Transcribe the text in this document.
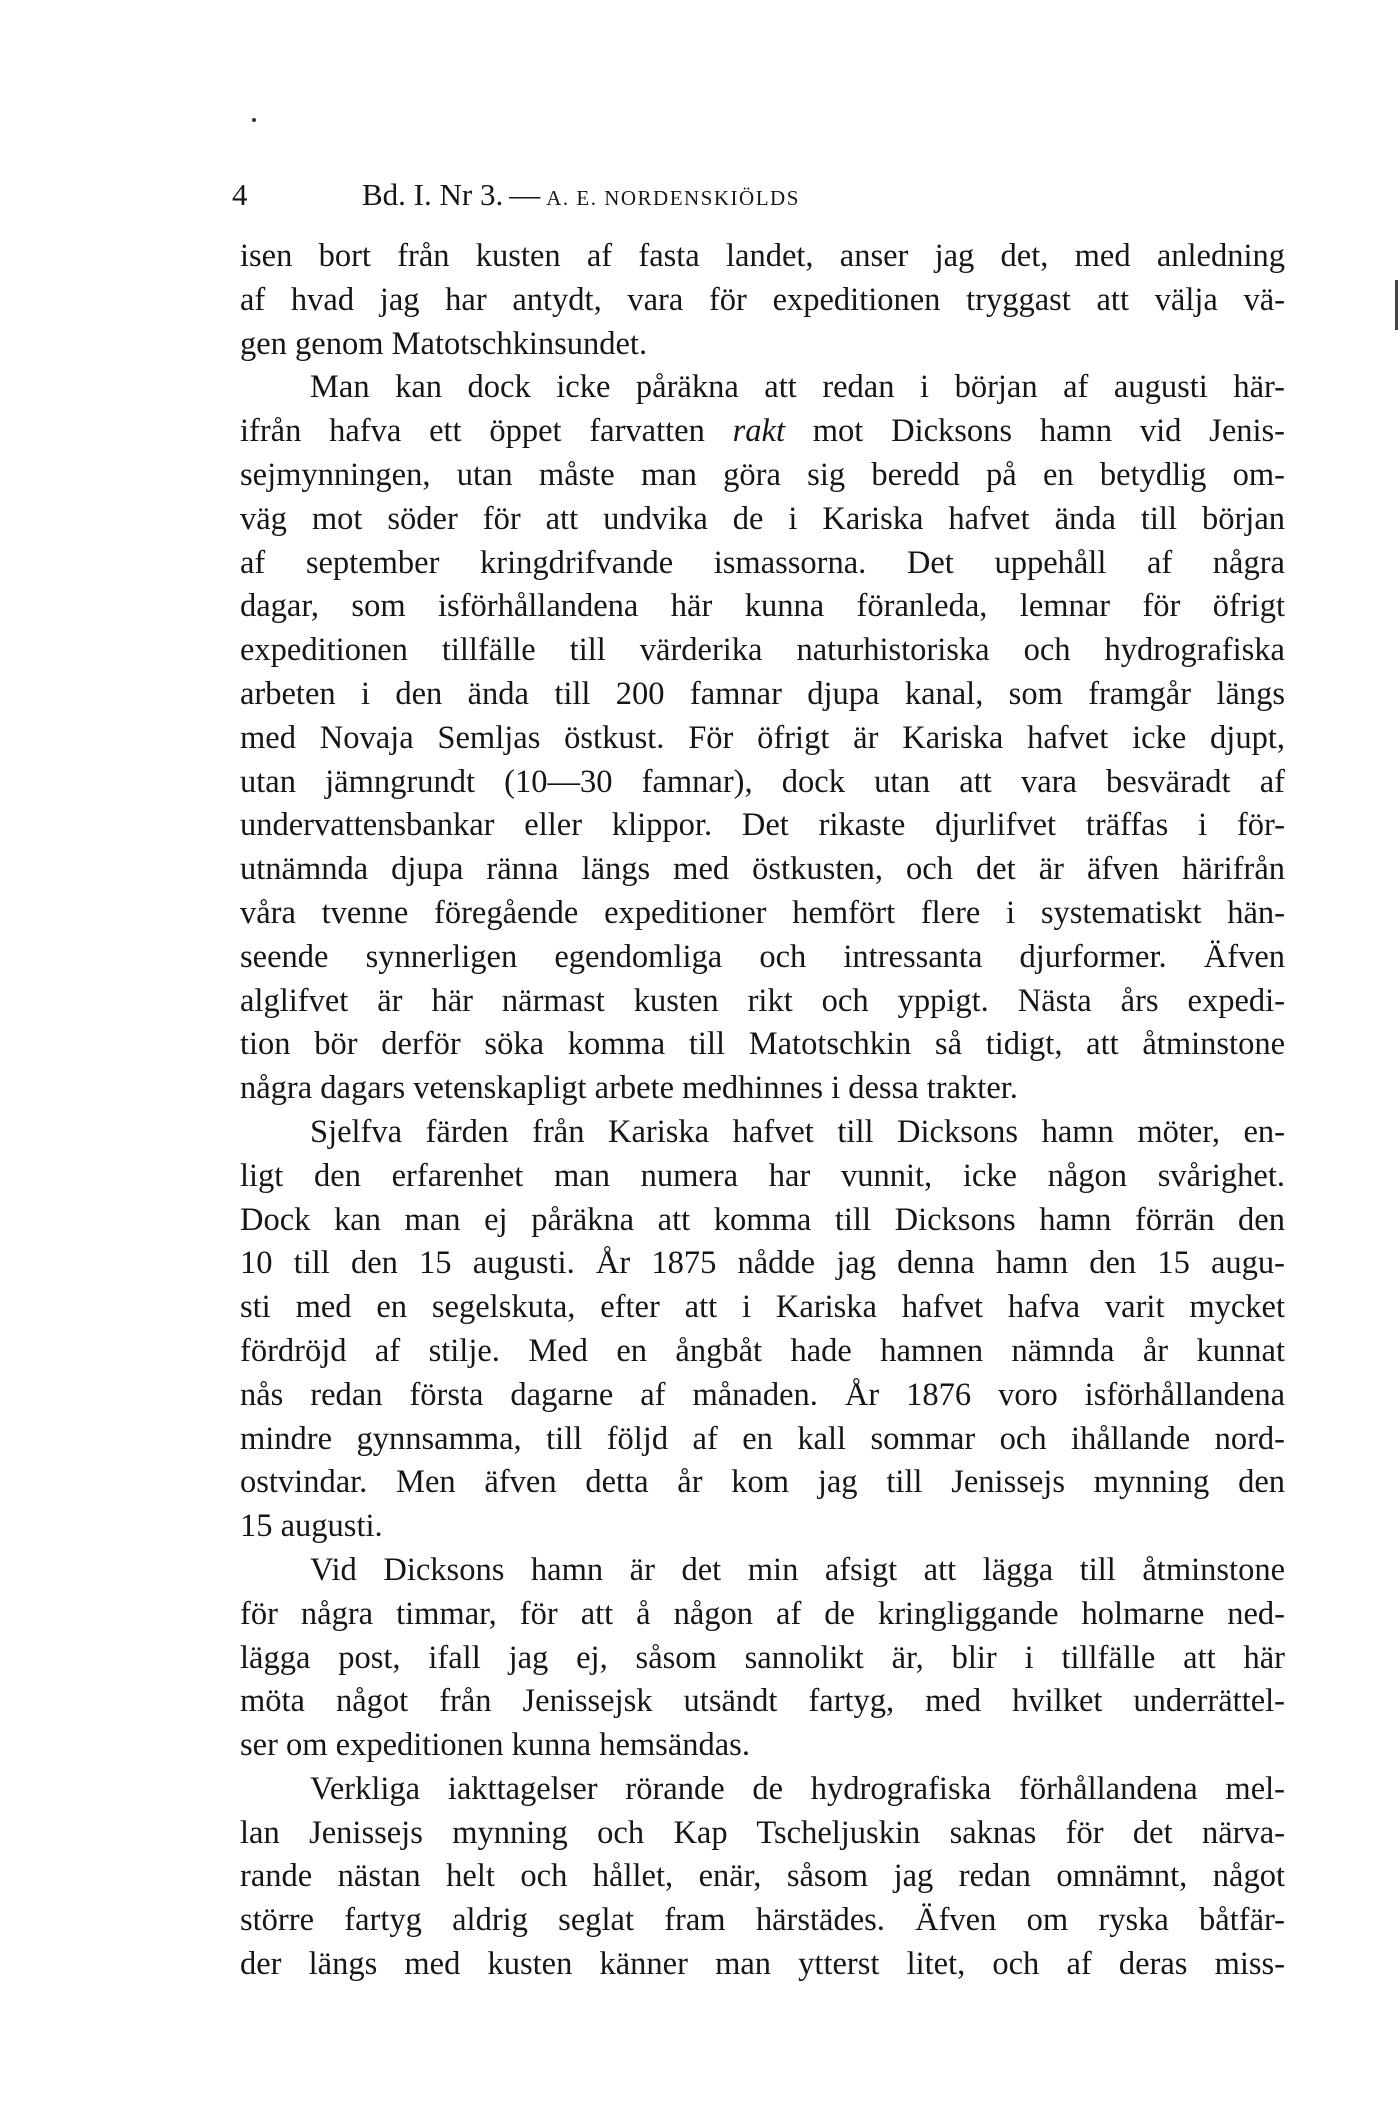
4	Bd. I. Nr 3. — A. E. NORDENSKIÖLDS
isen bort från kusten af fasta landet, anser jag det, med anledning
af hvad jag har antydt, vara för expeditionen tryggast att välja vä-
gen genom Matotschkinsundet.
Man kan dock icke påräkna att redan i början af augusti här-
ifrån hafva ett öppet farvatten rakt mot Dicksons hamn vid Jenis-
sejmynningen, utan måste man göra sig beredd på en betydlig om-
väg mot söder för att undvika de i Kariska hafvet ända till början
af september kringdrifvande ismassorna. Det uppehåll af några
dagar, som isförhållandena här kunna föranleda, lemnar för öfrigt
expeditionen tillfälle till värderika naturhistoriska och hydrografiska
arbeten i den ända till 200 famnar djupa kanal, som framgår längs
med Novaja Semljas östkust. För öfrigt är Kariska hafvet icke djupt,
utan jämngrundt (10—30 famnar), dock utan att vara besväradt af
undervattensbankar eller klippor. Det rikaste djurlifvet träffas i för-
utnämnda djupa ränna längs med östkusten, och det är äfven härifrån
våra tvenne föregående expeditioner hemfört flere i systematiskt hän-
seende synnerligen egendomliga och intressanta djurformer. Äfven
alglifvet är här närmast kusten rikt och yppigt. Nästa års expedi-
tion bör derför söka komma till Matotschkin så tidigt, att åtminstone
några dagars vetenskapligt arbete medhinnes i dessa trakter.
Sjelfva färden från Kariska hafvet till Dicksons hamn möter, en-
ligt den erfarenhet man numera har vunnit, icke någon svårighet.
Dock kan man ej påräkna att komma till Dicksons hamn förrän den
10 till den 15 augusti. År 1875 nådde jag denna hamn den 15 augu-
sti med en segelskuta, efter att i Kariska hafvet hafva varit mycket
fördröjd af stilje. Med en ångbåt hade hamnen nämnda år kunnat
nås redan första dagarne af månaden. År 1876 voro isförhållandena
mindre gynnsamma, till följd af en kall sommar och ihållande nord-
ostvindar. Men äfven detta år kom jag till Jenissejs mynning den
15 augusti.
Vid Dicksons hamn är det min afsigt att lägga till åtminstone
för några timmar, för att å någon af de kringliggande holmarne ned-
lägga post, ifall jag ej, såsom sannolikt är, blir i tillfälle att här
möta något från Jenissejsk utsändt fartyg, med hvilket underrättel-
ser om expeditionen kunna hemsändas.
Verkliga iakttagelser rörande de hydrografiska förhållandena mel-
lan Jenissejs mynning och Kap Tscheljuskin saknas för det närva-
rande nästan helt och hållet, enär, såsom jag redan omnämnt, något
större fartyg aldrig seglat fram härstädes. Äfven om ryska båtfär-
der längs med kusten känner man ytterst litet, och af deras miss-
